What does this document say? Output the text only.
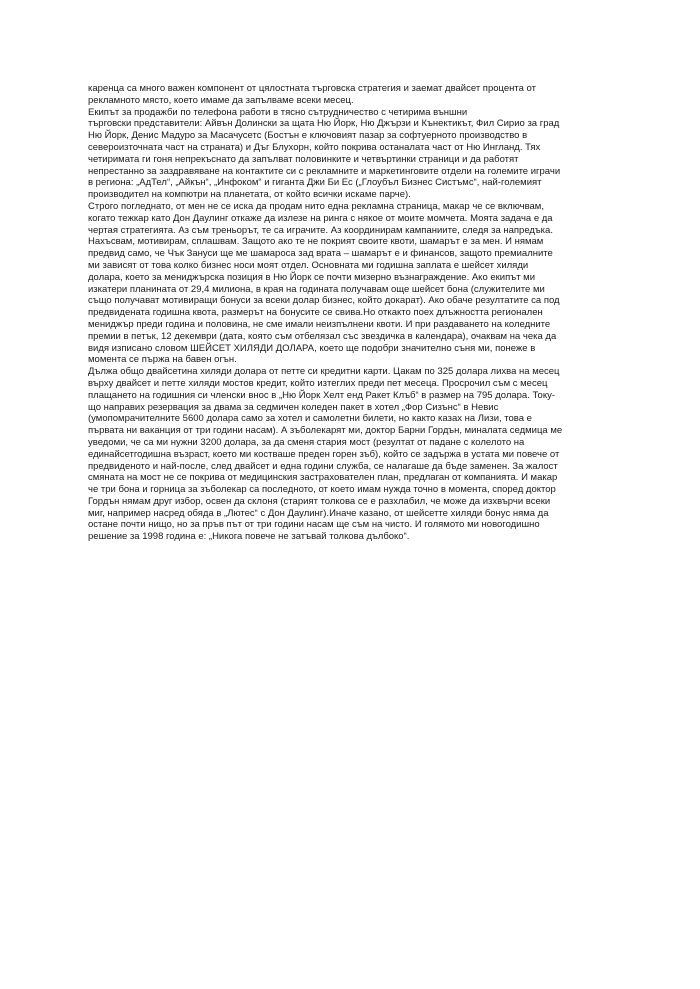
каренца са много важен компонент от цялостната търговска стратегия и заемат двайсет процента от
рекламното място, което имаме да запълваме всеки месец.
Екипът за продажби по телефона работи в тясно сътрудничество с четирима външни
търговски представители: Айвън Долински за щата Ню Йорк, Ню Джързи и Кънектикът, Фил Сирио за град
Ню Йорк, Денис Мадуро за Масачусетс (Бостън е ключовият пазар за софтуерното производство в
североизточната част на страната) и Дъг Блухорн, който покрива останалата част от Ню Ингланд. Тях
четиримата ги гоня непрекъснато да запълват половинките и четвъртинки страници и да работят
непрестанно за заздравяване на контактите си с рекламните и маркетинговите отдели на големите играчи
в региона: „АдТел“, „Айкън“, „Инфоком“ и гиганта Джи Би Ес („Глоубъл Бизнес Систъмс“, най-големият
производител на компютри на планетата, от който всички искаме парче).
Строго погледнато, от мен не се иска да продам нито една рекламна страница, макар че се включвам,
когато тежкар като Дон Даулинг откаже да излезе на ринга с някое от моите момчета. Моята задача е да
чертая стратегията. Аз съм треньорът, те са играчите. Аз координирам кампаниите, следя за напредъка.
Нахъсвам, мотивирам, сплашвам. Защото ако те не покрият своите квоти, шамарът е за мен. И нямам
предвид само, че Чък Зануси ще ме шамароса зад врата – шамарът е и финансов, защото премиалните
ми зависят от това колко бизнес носи моят отдел. Основната ми годишна заплата е шейсет хиляди
долара, което за мениджърска позиция в Ню Йорк се почти мизерно възнаграждение. Ако екипът ми
изкатери планината от 29,4 милиона, в края на годината получавам още шейсет бона (служителите ми
също получават мотивиращи бонуси за всеки долар бизнес, който докарат). Ако обаче резултатите са под
предвидената годишна квота, размерът на бонусите се свива.Но откакто поех длъжността регионален
мениджър преди година и половина, не сме имали неизпълнени квоти. И при раздаването на коледните
премии в петък, 12 декември (дата, която съм отбелязал със звездичка в календара), очаквам на чека да
видя изписано словом ШЕЙСЕТ ХИЛЯДИ ДОЛАРА, което ще подобри значително съня ми, понеже в
момента се пържа на бавен огън.
Дължа общо двайсетина хиляди долара от петте си кредитни карти. Цакам по 325 долара лихва на месец
върху двайсет и петте хиляди мостов кредит, който изтеглих преди пет месеца. Просрочил съм с месец
плащането на годишния си членски внос в „Ню Йорк Хелт енд Ракет Клъб“ в размер на 795 долара. Току-
що направих резервация за двама за седмичен коледен пакет в хотел „Фор Сизънс“ в Невис
(умопомрачителните 5600 долара само за хотел и самолетни билети, но както казах на Лизи, това е
първата ни ваканция от три години насам). А зъболекарят ми, доктор Барни Гордън, миналата седмица ме
уведоми, че са ми нужни 3200 долара, за да сменя стария мост (резултат от падане с колелото на
единайсетгодишна възраст, което ми костваше преден горен зъб), който се задържа в устата ми повече от
предвиденото и най-после, след двайсет и една години служба, се налагаше да бъде заменен. За жалост
смяната на мост не се покрива от медицинския застрахователен план, предлаган от компанията. И макар
че три бона и горница за зъболекар са последното, от което имам нужда точно в момента, според доктор
Гордън нямам друг избор, освен да склоня (старият толкова се е разхлабил, че може да изхвърчи всеки
миг, например насред обяда в „Лютес“ с Дон Даулинг).Иначе казано, от шейсетте хиляди бонус няма да
остане почти нищо, но за пръв път от три години насам ще съм на чисто. И голямото ми новогодишно
решение за 1998 година е: „Никога повече не затъвай толкова дълбоко“.
